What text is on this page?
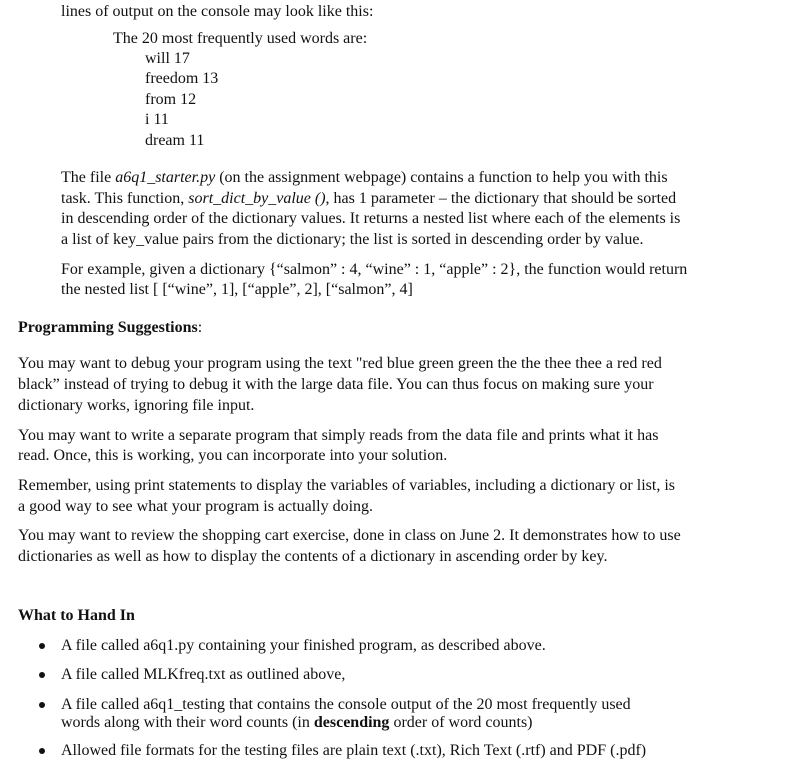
lines of output on the console may look like this:
The 20 most frequently used words are:
will 17
freedom 13
from 12
i 11
dream 11
The file a6q1_starter.py (on the assignment webpage) contains a function to help you with this
task. This function, sort_dict_by_value (), has 1 parameter – the dictionary that should be sorted
in descending order of the dictionary values. It returns a nested list where each of the elements is
a list of key_value pairs from the dictionary; the list is sorted in descending order by value.
For example, given a dictionary {“salmon” : 4, “wine” : 1, “apple” : 2}, the function would return
the nested list [ [“wine”, 1], [“apple”, 2], [“salmon”, 4]
Programming Suggestions:
You may want to debug your program using the text "red blue green green the the thee thee a red red
black” instead of trying to debug it with the large data file. You can thus focus on making sure your
dictionary works, ignoring file input.
You may want to write a separate program that simply reads from the data file and prints what it has
read. Once, this is working, you can incorporate into your solution.
Remember, using print statements to display the variables of variables, including a dictionary or list, is
a good way to see what your program is actually doing.
You may want to review the shopping cart exercise, done in class on June 2. It demonstrates how to use
dictionaries as well as how to display the contents of a dictionary in ascending order by key.
What to Hand In
A file called a6q1.py containing your finished program, as described above.
A file called MLKfreq.txt as outlined above,
A file called a6q1_testing that contains the console output of the 20 most frequently used
words along with their word counts (in descending order of word counts)
Allowed file formats for the testing files are plain text (.txt), Rich Text (.rtf) and PDF (.pdf)
